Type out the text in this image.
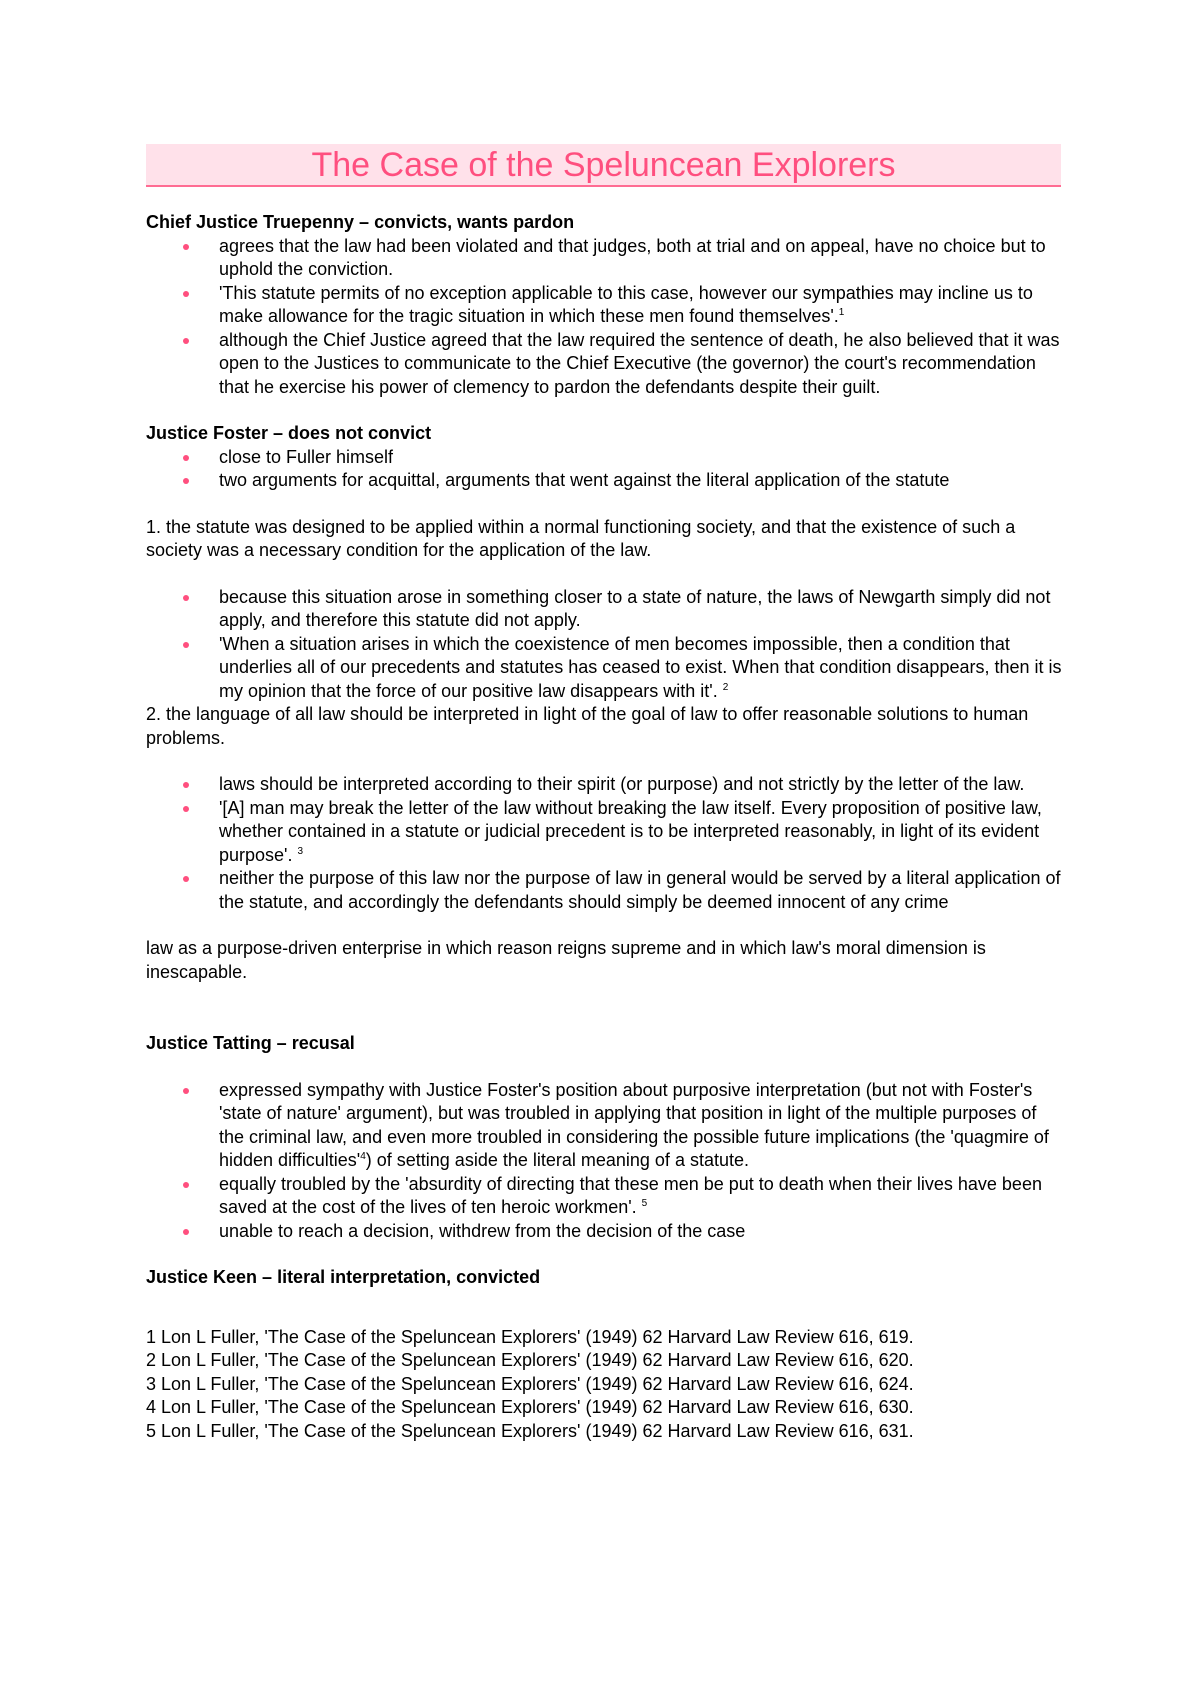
The Case of the Speluncean Explorers

Chief Justice Truepenny – convicts, wants pardon

agrees that the law had been violated and that judges, both at trial and on appeal, have no choice but to uphold the conviction.
'This statute permits of no exception applicable to this case, however our sympathies may incline us to make allowance for the tragic situation in which these men found themselves'.$^1$
although the Chief Justice agreed that the law required the sentence of death, he also believed that it was open to the Justices to communicate to the Chief Executive (the governor) the court's recommendation that he exercise his power of clemency to pardon the defendants despite their guilt.

Justice Foster – does not convict

close to Fuller himself
two arguments for acquittal, arguments that went against the literal application of the statute

1. the statute was designed to be applied within a normal functioning society, and that the existence of such a society was a necessary condition for the application of the law.

because this situation arose in something closer to a state of nature, the laws of Newgarth simply did not apply, and therefore this statute did not apply.
'When a situation arises in which the coexistence of men becomes impossible, then a condition that underlies all of our precedents and statutes has ceased to exist. When that condition disappears, then it is my opinion that the force of our positive law disappears with it'. $^2$

2. the language of all law should be interpreted in light of the goal of law to offer reasonable solutions to human problems.

laws should be interpreted according to their spirit (or purpose) and not strictly by the letter of the law.
'[A] man may break the letter of the law without breaking the law itself. Every proposition of positive law, whether contained in a statute or judicial precedent is to be interpreted reasonably, in light of its evident purpose'. $^3$
neither the purpose of this law nor the purpose of law in general would be served by a literal application of the statute, and accordingly the defendants should simply be deemed innocent of any crime

law as a purpose-driven enterprise in which reason reigns supreme and in which law's moral dimension is inescapable.

Justice Tatting – recusal

expressed sympathy with Justice Foster's position about purposive interpretation (but not with Foster's 'state of nature' argument), but was troubled in applying that position in light of the multiple purposes of the criminal law, and even more troubled in considering the possible future implications (the 'quagmire of hidden $difficulties'^4$) of setting aside the literal meaning of a statute.
equally troubled by the 'absurdity of directing that these men be put to death when their lives have been saved at the cost of the lives of ten heroic workmen'. $^5$
unable to reach a decision, withdrew from the decision of the case

Justice Keen – literal interpretation, convicted

1 Lon L Fuller, 'The Case of the Speluncean Explorers' (1949) 62 Harvard Law Review 616, 619.
2 Lon L Fuller, 'The Case of the Speluncean Explorers' (1949) 62 Harvard Law Review 616, 620.
3 Lon L Fuller, 'The Case of the Speluncean Explorers' (1949) 62 Harvard Law Review 616, 624.
4 Lon L Fuller, 'The Case of the Speluncean Explorers' (1949) 62 Harvard Law Review 616, 630.
5 Lon L Fuller, 'The Case of the Speluncean Explorers' (1949) 62 Harvard Law Review 616, 631.
